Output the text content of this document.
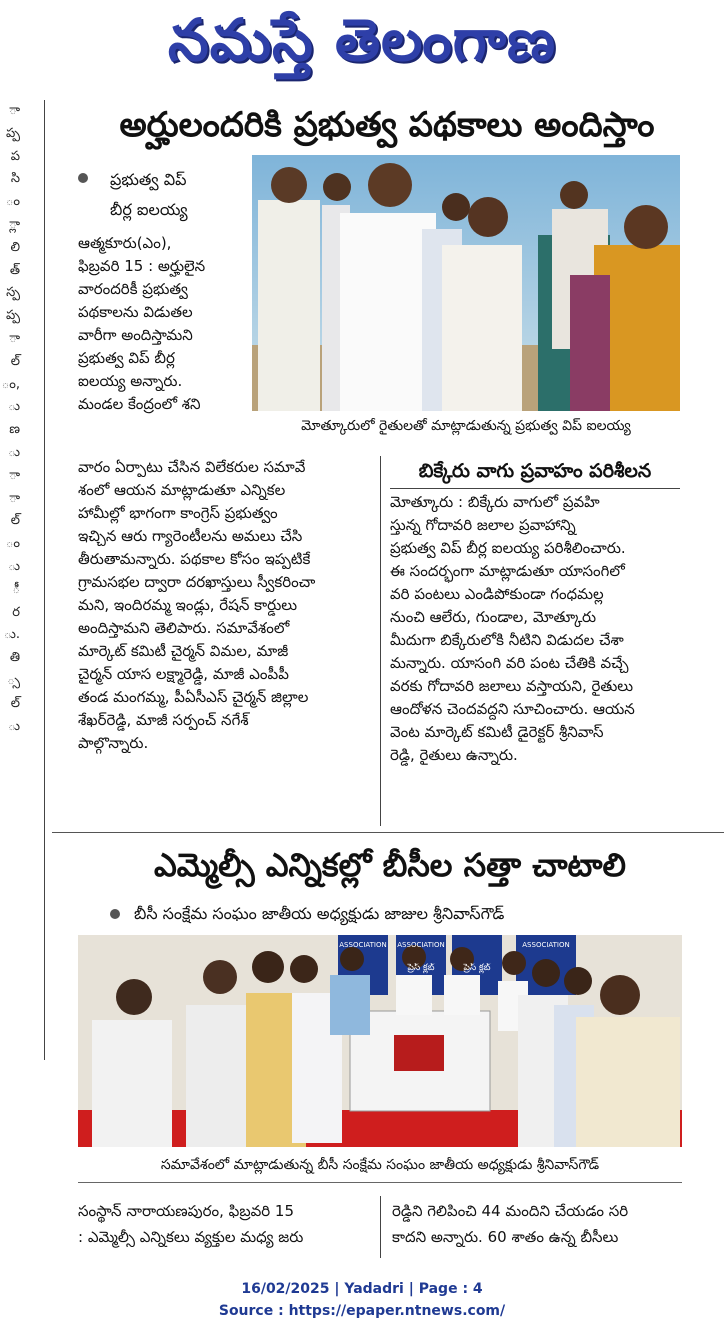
నమస్తే తెలంగాణ
ా
ప్ప
ప
సి
ం
్లా
లి
త్
స్ప
ప్ప
ా
ల్
ం,
ు
ణ
ు
ా
ా
ల్
ం
ు
ీ
ర
ు.
తి
్స
ల్
ు
అర్హులందరికి ప్రభుత్వ పథకాలు అందిస్తాం
ప్రభుత్వ విప్
బీర్ల ఐలయ్య
ఆత్మకూరు(ఎం),
ఫిబ్రవరి 15 : అర్హులైన
వారందరికీ ప్రభుత్వ
పథకాలను విడుతల
వారీగా అందిస్తామని
ప్రభుత్వ విప్ బీర్ల
ఐలయ్య అన్నారు.
మండల కేంద్రంలో శని
మోత్కూరులో రైతులతో మాట్లాడుతున్న ప్రభుత్వ విప్ ఐలయ్య
వారం ఏర్పాటు చేసిన విలేకరుల సమావే
శంలో ఆయన మాట్లాడుతూ ఎన్నికల
హామీల్లో భాగంగా కాంగ్రెస్ ప్రభుత్వం
ఇచ్చిన ఆరు గ్యారెంటీలను అమలు చేసి
తీరుతామన్నారు. పథకాల కోసం ఇప్పటికే
గ్రామసభల ద్వారా దరఖాస్తులు స్వీకరించా
మని, ఇందిరమ్మ ఇండ్లు, రేషన్ కార్డులు
అందిస్తామని తెలిపారు. సమావేశంలో
మార్కెట్ కమిటీ చైర్మన్ విమల, మాజీ
చైర్మన్ యాస లక్ష్మారెడ్డి, మాజీ ఎంపీపీ
తండ మంగమ్మ, పీఏసీఎస్ చైర్మన్ జిల్లాల
శేఖర్‌రెడ్డి, మాజీ సర్పంచ్ నగేశ్
పాల్గొన్నారు.
బిక్కేరు వాగు ప్రవాహం పరిశీలన
మోత్కూరు : బిక్కేరు వాగులో ప్రవహి
స్తున్న గోదావరి జలాల ప్రవాహాన్ని
ప్రభుత్వ విప్ బీర్ల ఐలయ్య పరిశీలించారు.
ఈ సందర్భంగా మాట్లాడుతూ యాసంగిలో
వరి పంటలు ఎండిపోకుండా గంధమల్ల
నుంచి ఆలేరు, గుండాల, మోత్కూరు
మీదుగా బిక్కేరులోకి నీటిని విడుదల చేశా
మన్నారు. యాసంగి వరి పంట చేతికి వచ్చే
వరకు గోదావరి జలాలు వస్తాయని, రైతులు
ఆందోళన చెందవద్దని సూచించారు. ఆయన
వెంట మార్కెట్ కమిటీ డైరెక్టర్ శ్రీనివాస్
రెడ్డి, రైతులు ఉన్నారు.
ఎమ్మెల్సీ ఎన్నికల్లో బీసీల సత్తా చాటాలి
బీసీ సంక్షేమ సంఘం జాతీయ అధ్యక్షుడు జాజుల శ్రీనివాస్‌గౌడ్
ASSOCIATION ASSOCIATION	ASSOCIATION
ప్రెస్ క్లబ్	ప్రెస్ క్లబ్
సమావేశంలో మాట్లాడుతున్న బీసీ సంక్షేమ సంఘం జాతీయ అధ్యక్షుడు శ్రీనివాస్‌గౌడ్
సంస్థాన్ నారాయణపురం, ఫిబ్రవరి 15
: ఎమ్మెల్సీ ఎన్నికలు వ్యక్తుల మధ్య జరు
రెడ్డిని గెలిపించి 44 మందిని చేయడం సరి
కాదని అన్నారు. 60 శాతం ఉన్న బీసీలు
16/02/2025 | Yadadri | Page : 4
Source : https://epaper.ntnews.com/
